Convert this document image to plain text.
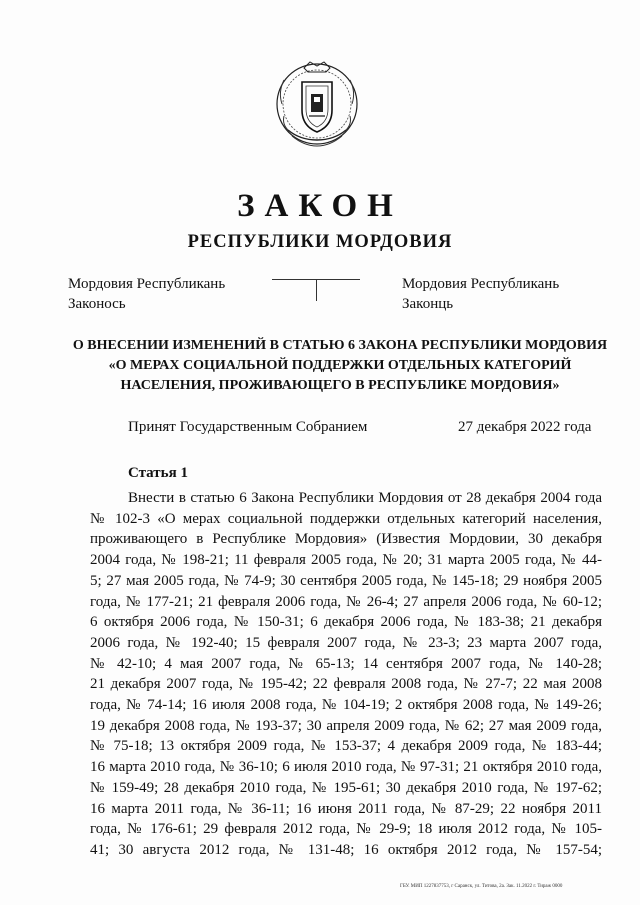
ЗАКОН
РЕСПУБЛИКИ МОРДОВИЯ
Мордовия Республикань
Законось
Мордовия Республикань
Законць
О ВНЕСЕНИИ ИЗМЕНЕНИЙ В СТАТЬЮ 6 ЗАКОНА РЕСПУБЛИКИ МОРДОВИЯ
«О МЕРАХ СОЦИАЛЬНОЙ ПОДДЕРЖКИ ОТДЕЛЬНЫХ КАТЕГОРИЙ
НАСЕЛЕНИЯ, ПРОЖИВАЮЩЕГО В РЕСПУБЛИКЕ МОРДОВИЯ»
Принят Государственным Собранием	27 декабря 2022 года
Статья 1
Внести в статью 6 Закона Республики Мордовия от 28 декабря 2004 года
№ 102-3 «О мерах социальной поддержки отдельных категорий населения,
проживающего в Республике Мордовия» (Известия Мордовии, 30 декабря
2004 года, № 198-21; 11 февраля 2005 года, № 20; 31 марта 2005 года, № 44-
5; 27 мая 2005 года, № 74-9; 30 сентября 2005 года, № 145-18; 29 ноября 2005
года, № 177-21; 21 февраля 2006 года, № 26-4; 27 апреля 2006 года, № 60-12;
6 октября 2006 года, № 150-31; 6 декабря 2006 года, № 183-38; 21 декабря
2006 года, № 192-40; 15 февраля 2007 года, № 23-3; 23 марта 2007 года,
№ 42-10; 4 мая 2007 года, № 65-13; 14 сентября 2007 года, № 140-28;
21 декабря 2007 года, № 195-42; 22 февраля 2008 года, № 27-7; 22 мая 2008
года, № 74-14; 16 июля 2008 года, № 104-19; 2 октября 2008 года, № 149-26;
19 декабря 2008 года, № 193-37; 30 апреля 2009 года, № 62; 27 мая 2009 года,
№ 75-18; 13 октября 2009 года, № 153-37; 4 декабря 2009 года, № 183-44;
16 марта 2010 года, № 36-10; 6 июля 2010 года, № 97-31; 21 октября 2010 года,
№ 159-49; 28 декабря 2010 года, № 195-61; 30 декабря 2010 года, № 197-62;
16 марта 2011 года, № 36-11; 16 июня 2011 года, № 87-29; 22 ноября 2011
года, № 176-61; 29 февраля 2012 года, № 29-9; 18 июля 2012 года, № 105-
41; 30 августа 2012 года, № 131-48; 16 октября 2012 года, № 157-54;
ГБУ. МИП 1227837753, г Саранск, ул. Титова, 2а. Зак. 11.2022 г. Тираж 0000
